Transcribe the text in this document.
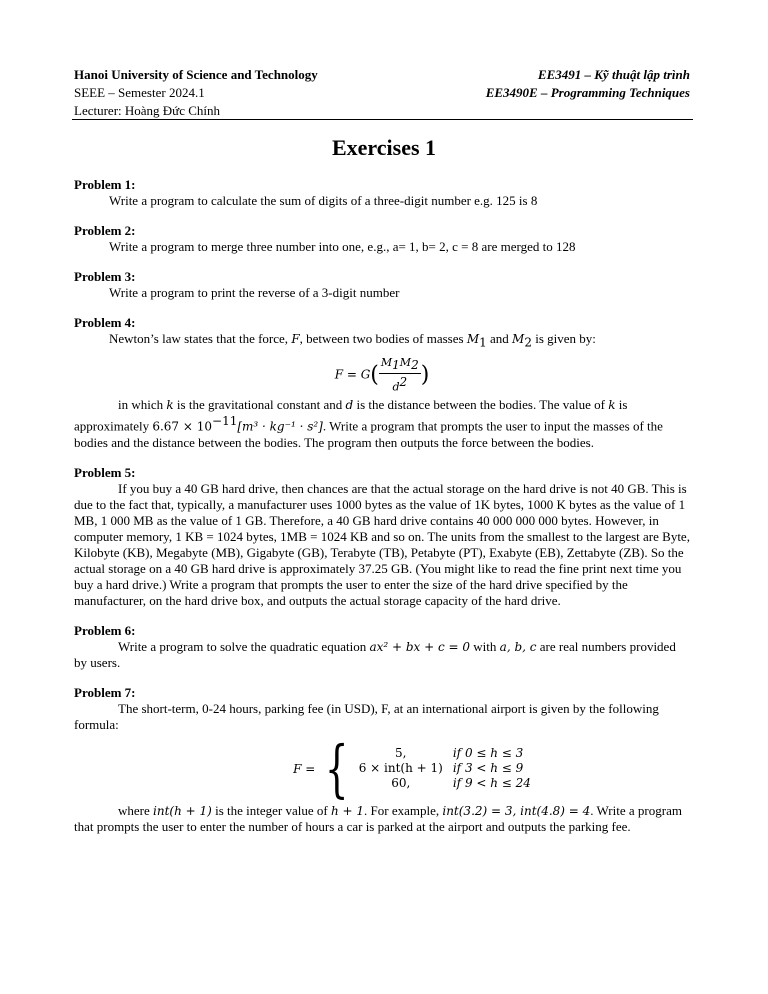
Hanoi University of Science and Technology
SEEE – Semester 2024.1
Lecturer: Hoàng Đức Chính
EE3491 – Kỹ thuật lập trình
EE3490E – Programming Techniques
Exercises 1
Problem 1:
Write a program to calculate the sum of digits of a three-digit number e.g. 125 is 8
Problem 2:
Write a program to merge three number into one, e.g., a= 1, b= 2, c = 8 are merged to 128
Problem 3:
Write a program to print the reverse of a 3-digit number
Problem 4:
Newton’s law states that the force, F, between two bodies of masses $M_1$ and $M_2$ is given by:
$F = G( \frac{M_1M_2}{d^2}$ )
in which k is the gravitational constant and d is the distance between the bodies. The value of k is approximately $6.67 \times 10^{-11}[m^3 \cdot kg^{-1} \cdot s^2]$. Write a program that prompts the user to input the masses of the bodies and the distance between the bodies. The program then outputs the force between the bodies.
Problem 5:
If you buy a 40 GB hard drive, then chances are that the actual storage on the hard drive is not 40 GB. This is due to the fact that, typically, a manufacturer uses 1000 bytes as the value of 1K bytes, 1000 K bytes as the value of 1 MB, 1 000 MB as the value of 1 GB. Therefore, a 40 GB hard drive contains 40 000 000 000 bytes. However, in computer memory, 1 KB = 1024 bytes, 1MB = 1024 KB and so on. The units from the smallest to the largest are Byte, Kilobyte (KB), Megabyte (MB), Gigabyte (GB), Terabyte (TB), Petabyte (PT), Exabyte (EB), Zettabyte (ZB). So the actual storage on a 40 GB hard drive is approximately 37.25 GB. (You might like to read the fine print next time you buy a hard drive.) Write a program that prompts the user to enter the size of the hard drive specified by the manufacturer, on the hard drive box, and outputs the actual storage capacity of the hard drive.
Problem 6:
Write a program to solve the quadratic equation ax² + bx + c = 0 with a, b, c are real numbers provided by users.
Problem 7:
The short-term, 0-24 hours, parking fee (in USD), F, at an international airport is given by the following formula:
F = {	5,	if 0 ≤ h ≤ 3
6 × int(h + 1)	if 3 < h ≤ 9
60,	if 9 < h ≤ 24
where int(h + 1) is the integer value of h + 1. For example, int(3.2) = 3, int(4.8) = 4. Write a program that prompts the user to enter the number of hours a car is parked at the airport and outputs the parking fee.
